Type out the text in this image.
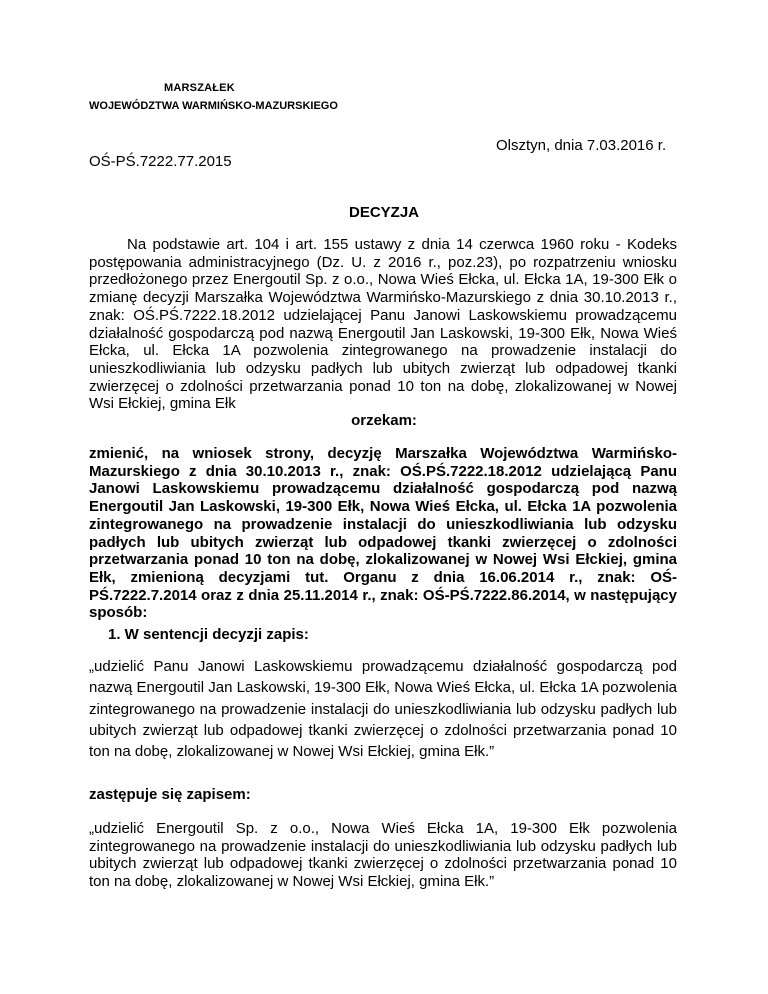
MARSZAŁEK
WOJEWÓDZTWA WARMIŃSKO-MAZURSKIEGO
Olsztyn, dnia 7.03.2016 r.
OŚ-PŚ.7222.77.2015
DECYZJA
Na podstawie art. 104 i art. 155 ustawy z dnia 14 czerwca 1960 roku - Kodeks postępowania administracyjnego (Dz. U. z 2016 r., poz.23), po rozpatrzeniu wniosku przedłożonego przez Energoutil Sp. z o.o., Nowa Wieś Ełcka, ul. Ełcka 1A, 19-300 Ełk o zmianę decyzji Marszałka Województwa Warmińsko-Mazurskiego z dnia 30.10.2013 r., znak: OŚ.PŚ.7222.18.2012 udzielającej Panu Janowi Laskowskiemu prowadzącemu działalność gospodarczą pod nazwą Energoutil Jan Laskowski, 19-300 Ełk, Nowa Wieś Ełcka, ul. Ełcka 1A pozwolenia zintegrowanego na prowadzenie instalacji do unieszkodliwiania lub odzysku padłych lub ubitych zwierząt lub odpadowej tkanki zwierzęcej o zdolności przetwarzania ponad 10 ton na dobę, zlokalizowanej w Nowej Wsi Ełckiej, gmina Ełk
orzekam:
zmienić, na wniosek strony, decyzję Marszałka Województwa Warmińsko-Mazurskiego z dnia 30.10.2013 r., znak: OŚ.PŚ.7222.18.2012 udzielającą Panu Janowi Laskowskiemu prowadzącemu działalność gospodarczą pod nazwą Energoutil Jan Laskowski, 19-300 Ełk, Nowa Wieś Ełcka, ul. Ełcka 1A pozwolenia zintegrowanego na prowadzenie instalacji do unieszkodliwiania lub odzysku padłych lub ubitych zwierząt lub odpadowej tkanki zwierzęcej o zdolności przetwarzania ponad 10 ton na dobę, zlokalizowanej w Nowej Wsi Ełckiej, gmina Ełk, zmienioną decyzjami tut. Organu z dnia 16.06.2014 r., znak: OŚ-PŚ.7222.7.2014 oraz z dnia 25.11.2014 r., znak: OŚ-PŚ.7222.86.2014, w następujący sposób:
1. W sentencji decyzji zapis:
„udzielić Panu Janowi Laskowskiemu prowadzącemu działalność gospodarczą pod nazwą Energoutil Jan Laskowski, 19-300 Ełk, Nowa Wieś Ełcka, ul. Ełcka 1A pozwolenia zintegrowanego na prowadzenie instalacji do unieszkodliwiania lub odzysku padłych lub ubitych zwierząt lub odpadowej tkanki zwierzęcej o zdolności przetwarzania ponad 10 ton na dobę, zlokalizowanej w Nowej Wsi Ełckiej, gmina Ełk.”
zastępuje się zapisem:
„udzielić Energoutil Sp. z o.o., Nowa Wieś Ełcka 1A, 19-300 Ełk pozwolenia zintegrowanego na prowadzenie instalacji do unieszkodliwiania lub odzysku padłych lub ubitych zwierząt lub odpadowej tkanki zwierzęcej o zdolności przetwarzania ponad 10 ton na dobę, zlokalizowanej w Nowej Wsi Ełckiej, gmina Ełk.”
